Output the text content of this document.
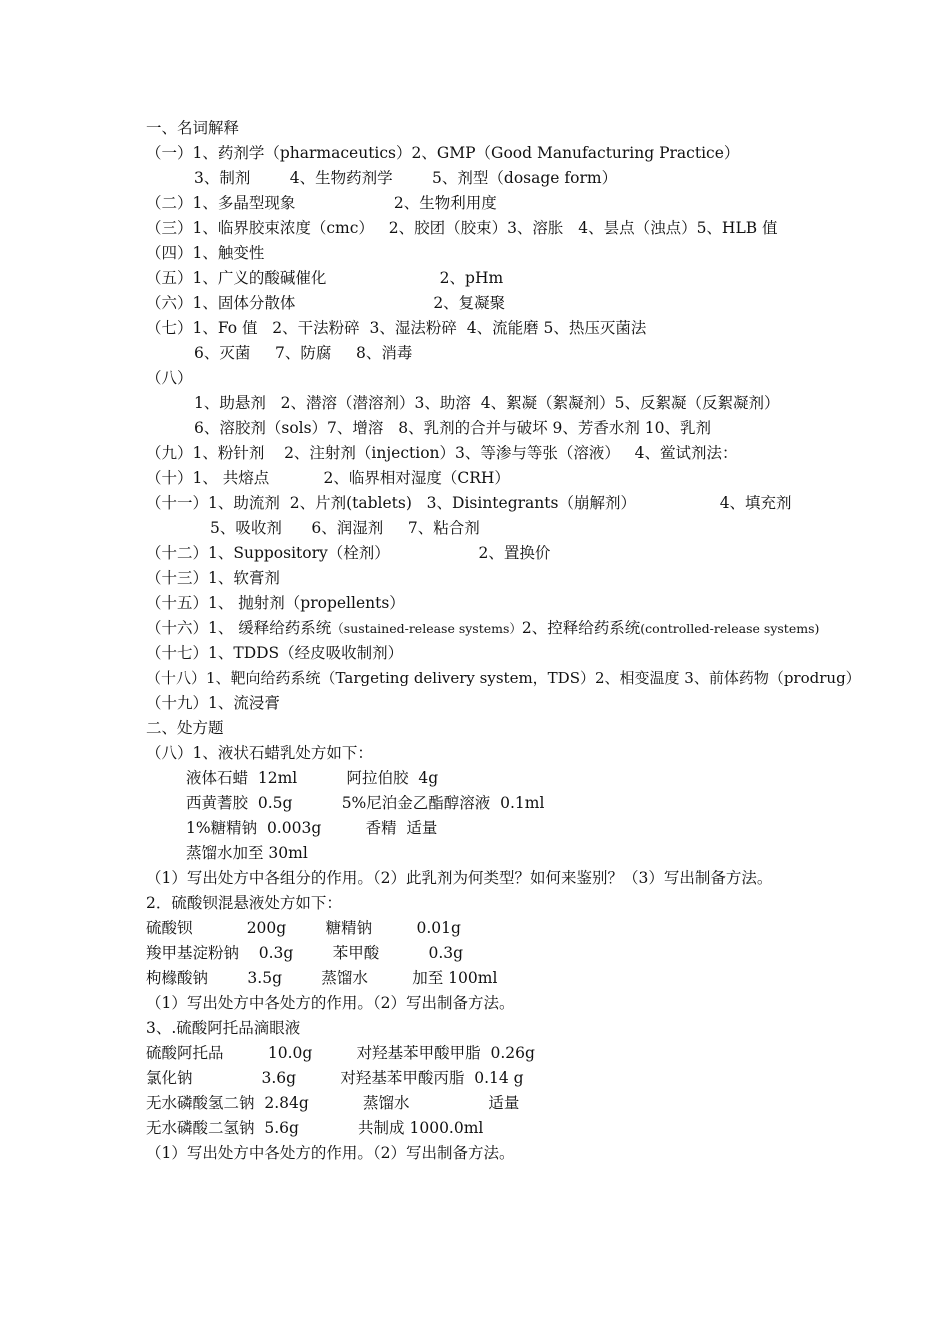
一、名词解释
（一）1、药剂学（pharmaceutics）2、GMP（Good Manufacturing Practice）
3、制剂        4、生物药剂学        5、剂型（dosage form）
（二）1、多晶型现象                    2、生物利用度
（三）1、临界胶束浓度（cmc）   2、胶团（胶束）3、溶胀   4、昙点（浊点）5、HLB 值
（四）1、触变性
（五）1、广义的酸碱催化                       2、pHm
（六）1、固体分散体                            2、复凝聚
（七）1、Fo 值   2、干法粉碎  3、湿法粉碎  4、流能磨 5、热压灭菌法
6、灭菌     7、防腐     8、消毒
（八）
1、助悬剂   2、潜溶（潜溶剂）3、助溶  4、絮凝（絮凝剂）5、反絮凝（反絮凝剂）
6、溶胶剂（sols）7、增溶   8、乳剂的合并与破坏 9、芳香水剂 10、乳剂
（九）1、粉针剂    2、注射剂（injection）3、等渗与等张（溶液）   4、鲎试剂法：
（十）1、 共熔点           2、临界相对湿度（CRH）
（十一）1、助流剂  2、片剂(tablets)   3、Disintegrants（崩解剂）                 4、填充剂
5、吸收剂      6、润湿剂     7、粘合剂
（十二）1、Suppository（栓剂）                  2、置换价
（十三）1、软膏剂
（十五）1、 抛射剂（propellents）
（十六）1、 缓释给药系统（sustained-release systems）2、控释给药系统(controlled-release systems)
（十七）1、TDDS（经皮吸收制剂）
（十八）1、靶向给药系统（Targeting delivery system，TDS）2、相变温度 3、前体药物（prodrug）
（十九）1、流浸膏
二、处方题
（八）1、液状石蜡乳处方如下：
液体石蜡  12ml          阿拉伯胶  4g
西黄蓍胶  0.5g          5%尼泊金乙酯醇溶液  0.1ml
1%糖精钠  0.003g         香精  适量
蒸馏水加至 30ml
（1）写出处方中各组分的作用。（2）此乳剂为何类型？如何来鉴别？（3）写出制备方法。
2．硫酸钡混悬液处方如下：
硫酸钡           200g        糖精钠         0.01g
羧甲基淀粉钠    0.3g        苯甲酸          0.3g
枸橼酸钠        3.5g        蒸馏水         加至 100ml
（1）写出处方中各处方的作用。（2）写出制备方法。
3、.硫酸阿托品滴眼液
硫酸阿托品         10.0g         对羟基苯甲酸甲脂  0.26g
氯化钠              3.6g         对羟基苯甲酸丙脂  0.14 g
无水磷酸氢二钠  2.84g           蒸馏水                适量
无水磷酸二氢钠  5.6g            共制成 1000.0ml
（1）写出处方中各处方的作用。（2）写出制备方法。
